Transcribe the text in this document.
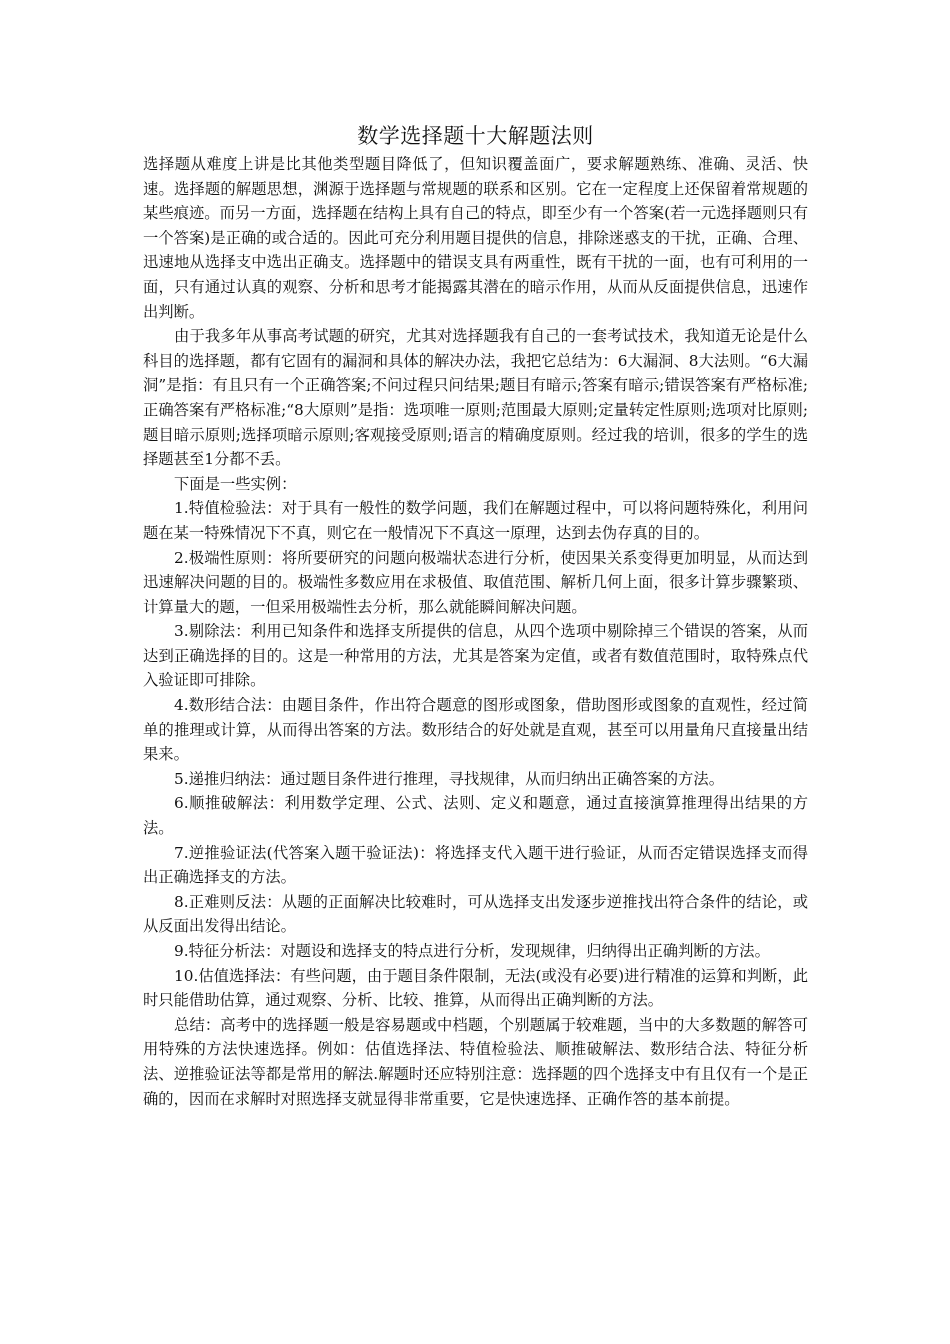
数学选择题十大解题法则

选择题从难度上讲是比其他类型题目降低了，但知识覆盖面广，要求解题熟练、准确、灵活、快速。选择题的解题思想，渊源于选择题与常规题的联系和区别。它在一定程度上还保留着常规题的某些痕迹。而另一方面，选择题在结构上具有自己的特点，即至少有一个答案(若一元选择题则只有一个答案)是正确的或合适的。因此可充分利用题目提供的信息，排除迷惑支的干扰，正确、合理、迅速地从选择支中选出正确支。选择题中的错误支具有两重性，既有干扰的一面，也有可利用的一面，只有通过认真的观察、分析和思考才能揭露其潜在的暗示作用，从而从反面提供信息，迅速作出判断。

由于我多年从事高考试题的研究，尤其对选择题我有自己的一套考试技术，我知道无论是什么科目的选择题，都有它固有的漏洞和具体的解决办法，我把它总结为：6大漏洞、8大法则。“6大漏洞”是指：有且只有一个正确答案;不问过程只问结果;题目有暗示;答案有暗示;错误答案有严格标准;正确答案有严格标准;“8大原则”是指：选项唯一原则;范围最大原则;定量转定性原则;选项对比原则;题目暗示原则;选择项暗示原则;客观接受原则;语言的精确度原则。经过我的培训，很多的学生的选择题甚至1分都不丢。

下面是一些实例：

1.特值检验法：对于具有一般性的数学问题，我们在解题过程中，可以将问题特殊化，利用问题在某一特殊情况下不真，则它在一般情况下不真这一原理，达到去伪存真的目的。

2.极端性原则：将所要研究的问题向极端状态进行分析，使因果关系变得更加明显，从而达到迅速解决问题的目的。极端性多数应用在求极值、取值范围、解析几何上面，很多计算步骤繁琐、计算量大的题，一但采用极端性去分析，那么就能瞬间解决问题。

3.剔除法：利用已知条件和选择支所提供的信息，从四个选项中剔除掉三个错误的答案，从而达到正确选择的目的。这是一种常用的方法，尤其是答案为定值，或者有数值范围时，取特殊点代入验证即可排除。

4.数形结合法：由题目条件，作出符合题意的图形或图象，借助图形或图象的直观性，经过简单的推理或计算，从而得出答案的方法。数形结合的好处就是直观，甚至可以用量角尺直接量出结果来。

5.递推归纳法：通过题目条件进行推理，寻找规律，从而归纳出正确答案的方法。

6.顺推破解法：利用数学定理、公式、法则、定义和题意，通过直接演算推理得出结果的方法。

7.逆推验证法(代答案入题干验证法)：将选择支代入题干进行验证，从而否定错误选择支而得出正确选择支的方法。

8.正难则反法：从题的正面解决比较难时，可从选择支出发逐步逆推找出符合条件的结论，或从反面出发得出结论。

9.特征分析法：对题设和选择支的特点进行分析，发现规律，归纳得出正确判断的方法。

10.估值选择法：有些问题，由于题目条件限制，无法(或没有必要)进行精准的运算和判断，此时只能借助估算，通过观察、分析、比较、推算，从而得出正确判断的方法。

总结：高考中的选择题一般是容易题或中档题，个别题属于较难题，当中的大多数题的解答可用特殊的方法快速选择。例如：估值选择法、特值检验法、顺推破解法、数形结合法、特征分析法、逆推验证法等都是常用的解法.解题时还应特别注意：选择题的四个选择支中有且仅有一个是正确的，因而在求解时对照选择支就显得非常重要，它是快速选择、正确作答的基本前提。
